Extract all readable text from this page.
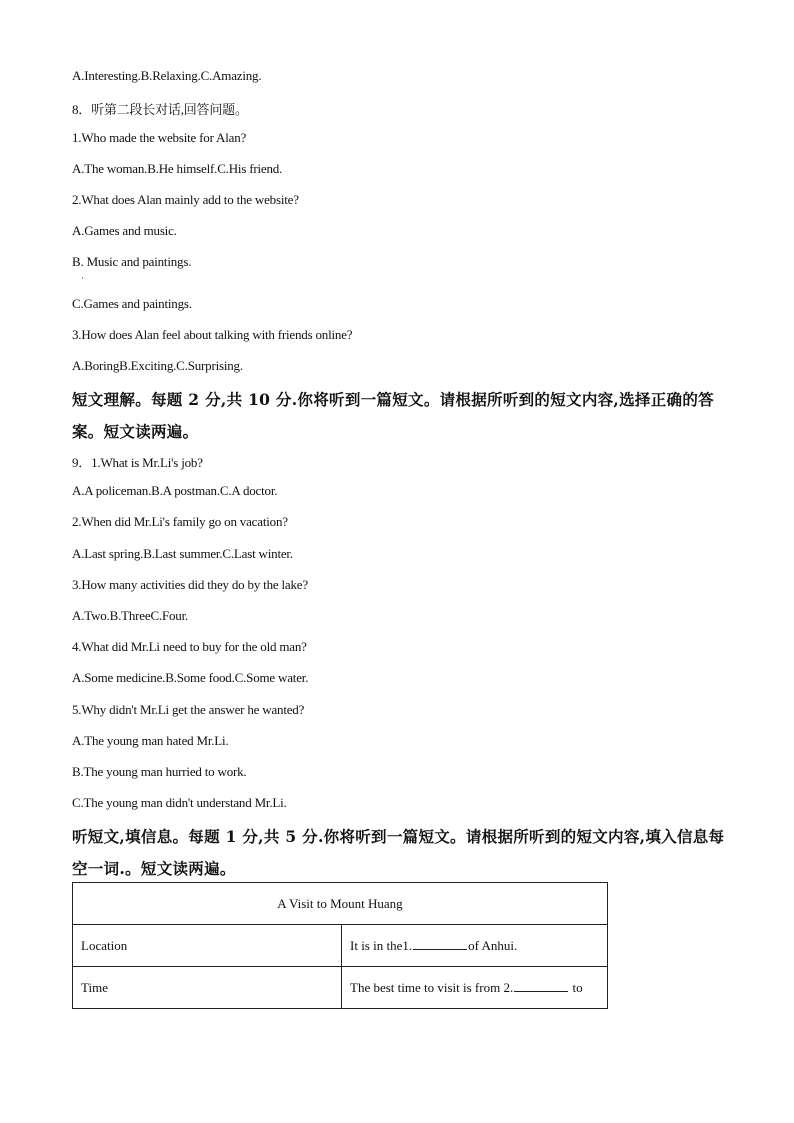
A.Interesting.B.Relaxing.C.Amazing.
8．听第二段长对话,回答问题。
1.Who made the website for Alan?
A.The woman.B.He himself.C.His friend.
2.What does Alan mainly add to the website?
A.Games and music.
B. Music and paintings.
·
C.Games and paintings.
3.How does Alan feel about talking with friends online?
A.BoringB.Exciting.C.Surprising.
短文理解。每题 2 分,共 10 分.你将听到一篇短文。请根据所听到的短文内容,选择正确的答
案。短文读两遍。
9．1.What is Mr.Li's job?
A.A policeman.B.A postman.C.A doctor.
2.When did Mr.Li's family go on vacation?
A.Last spring.B.Last summer.C.Last winter.
3.How many activities did they do by the lake?
A.Two.B.ThreeC.Four.
4.What did Mr.Li need to buy for the old man?
A.Some medicine.B.Some food.C.Some water.
5.Why didn't Mr.Li get the answer he wanted?
A.The young man hated Mr.Li.
B.The young man hurried to work.
C.The young man didn't understand Mr.Li.
听短文,填信息。每题 1 分,共 5 分.你将听到一篇短文。请根据所听到的短文内容,填入信息每
空一词.。短文读两遍。
A Visit to Mount Huang	
Location	It is in the1. of Anhui.
Time	The best time to visit is from 2. to
